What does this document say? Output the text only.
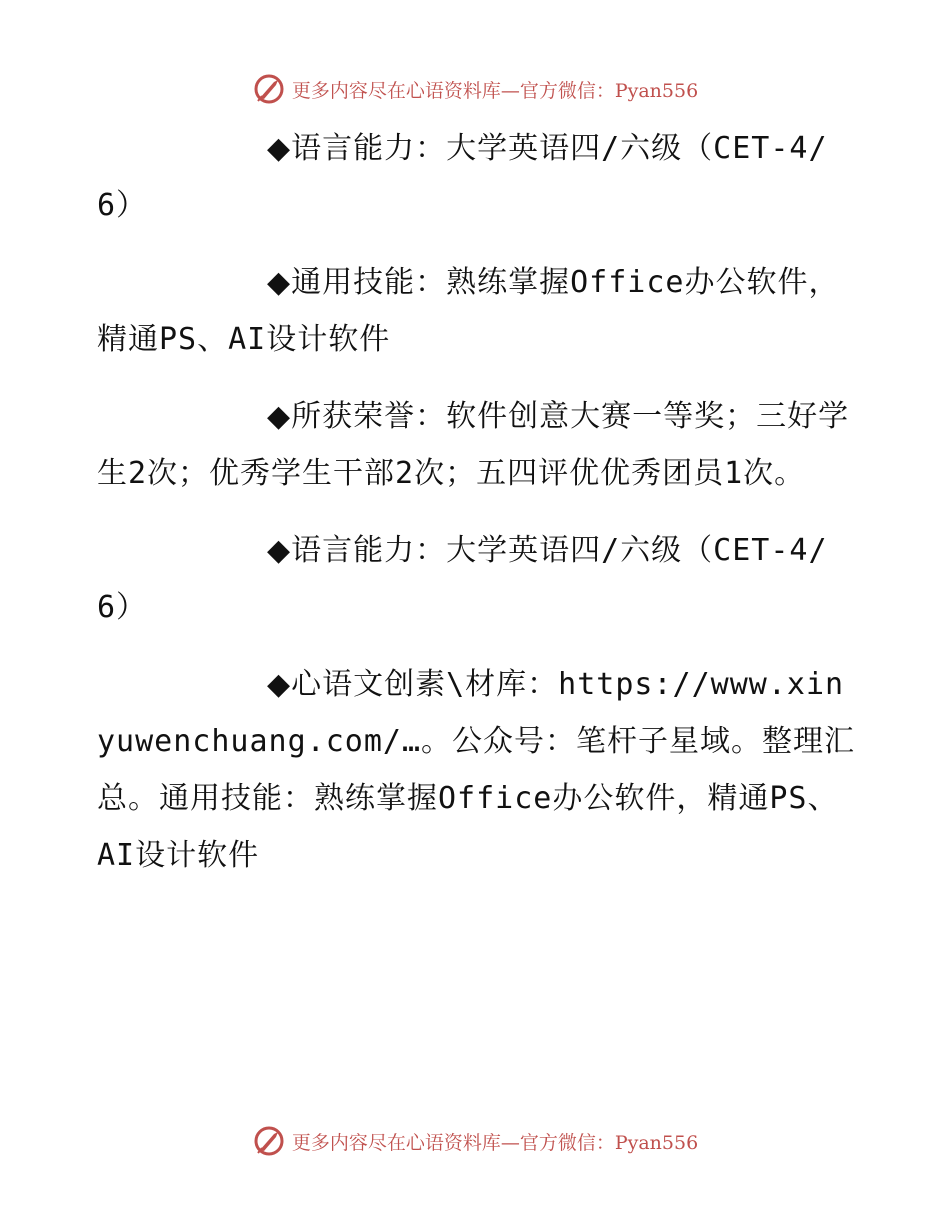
更多内容尽在心语资料库—官方微信：Pyan556

◆语言能力：大学英语四/六级（CET-4/6）

◆通用技能：熟练掌握Office办公软件，精通PS、AI设计软件

◆所获荣誉：软件创意大赛一等奖；三好学生2次；优秀学生干部2次；五四评优优秀团员1次。

◆语言能力：大学英语四/六级（CET-4/6）

◆心语文创素\材库：https://www.xinyuwenchuang.com/…。公众号：笔杆子星域。整理汇总。通用技能：熟练掌握Office办公软件，精通PS、AI设计软件

更多内容尽在心语资料库—官方微信：Pyan556
